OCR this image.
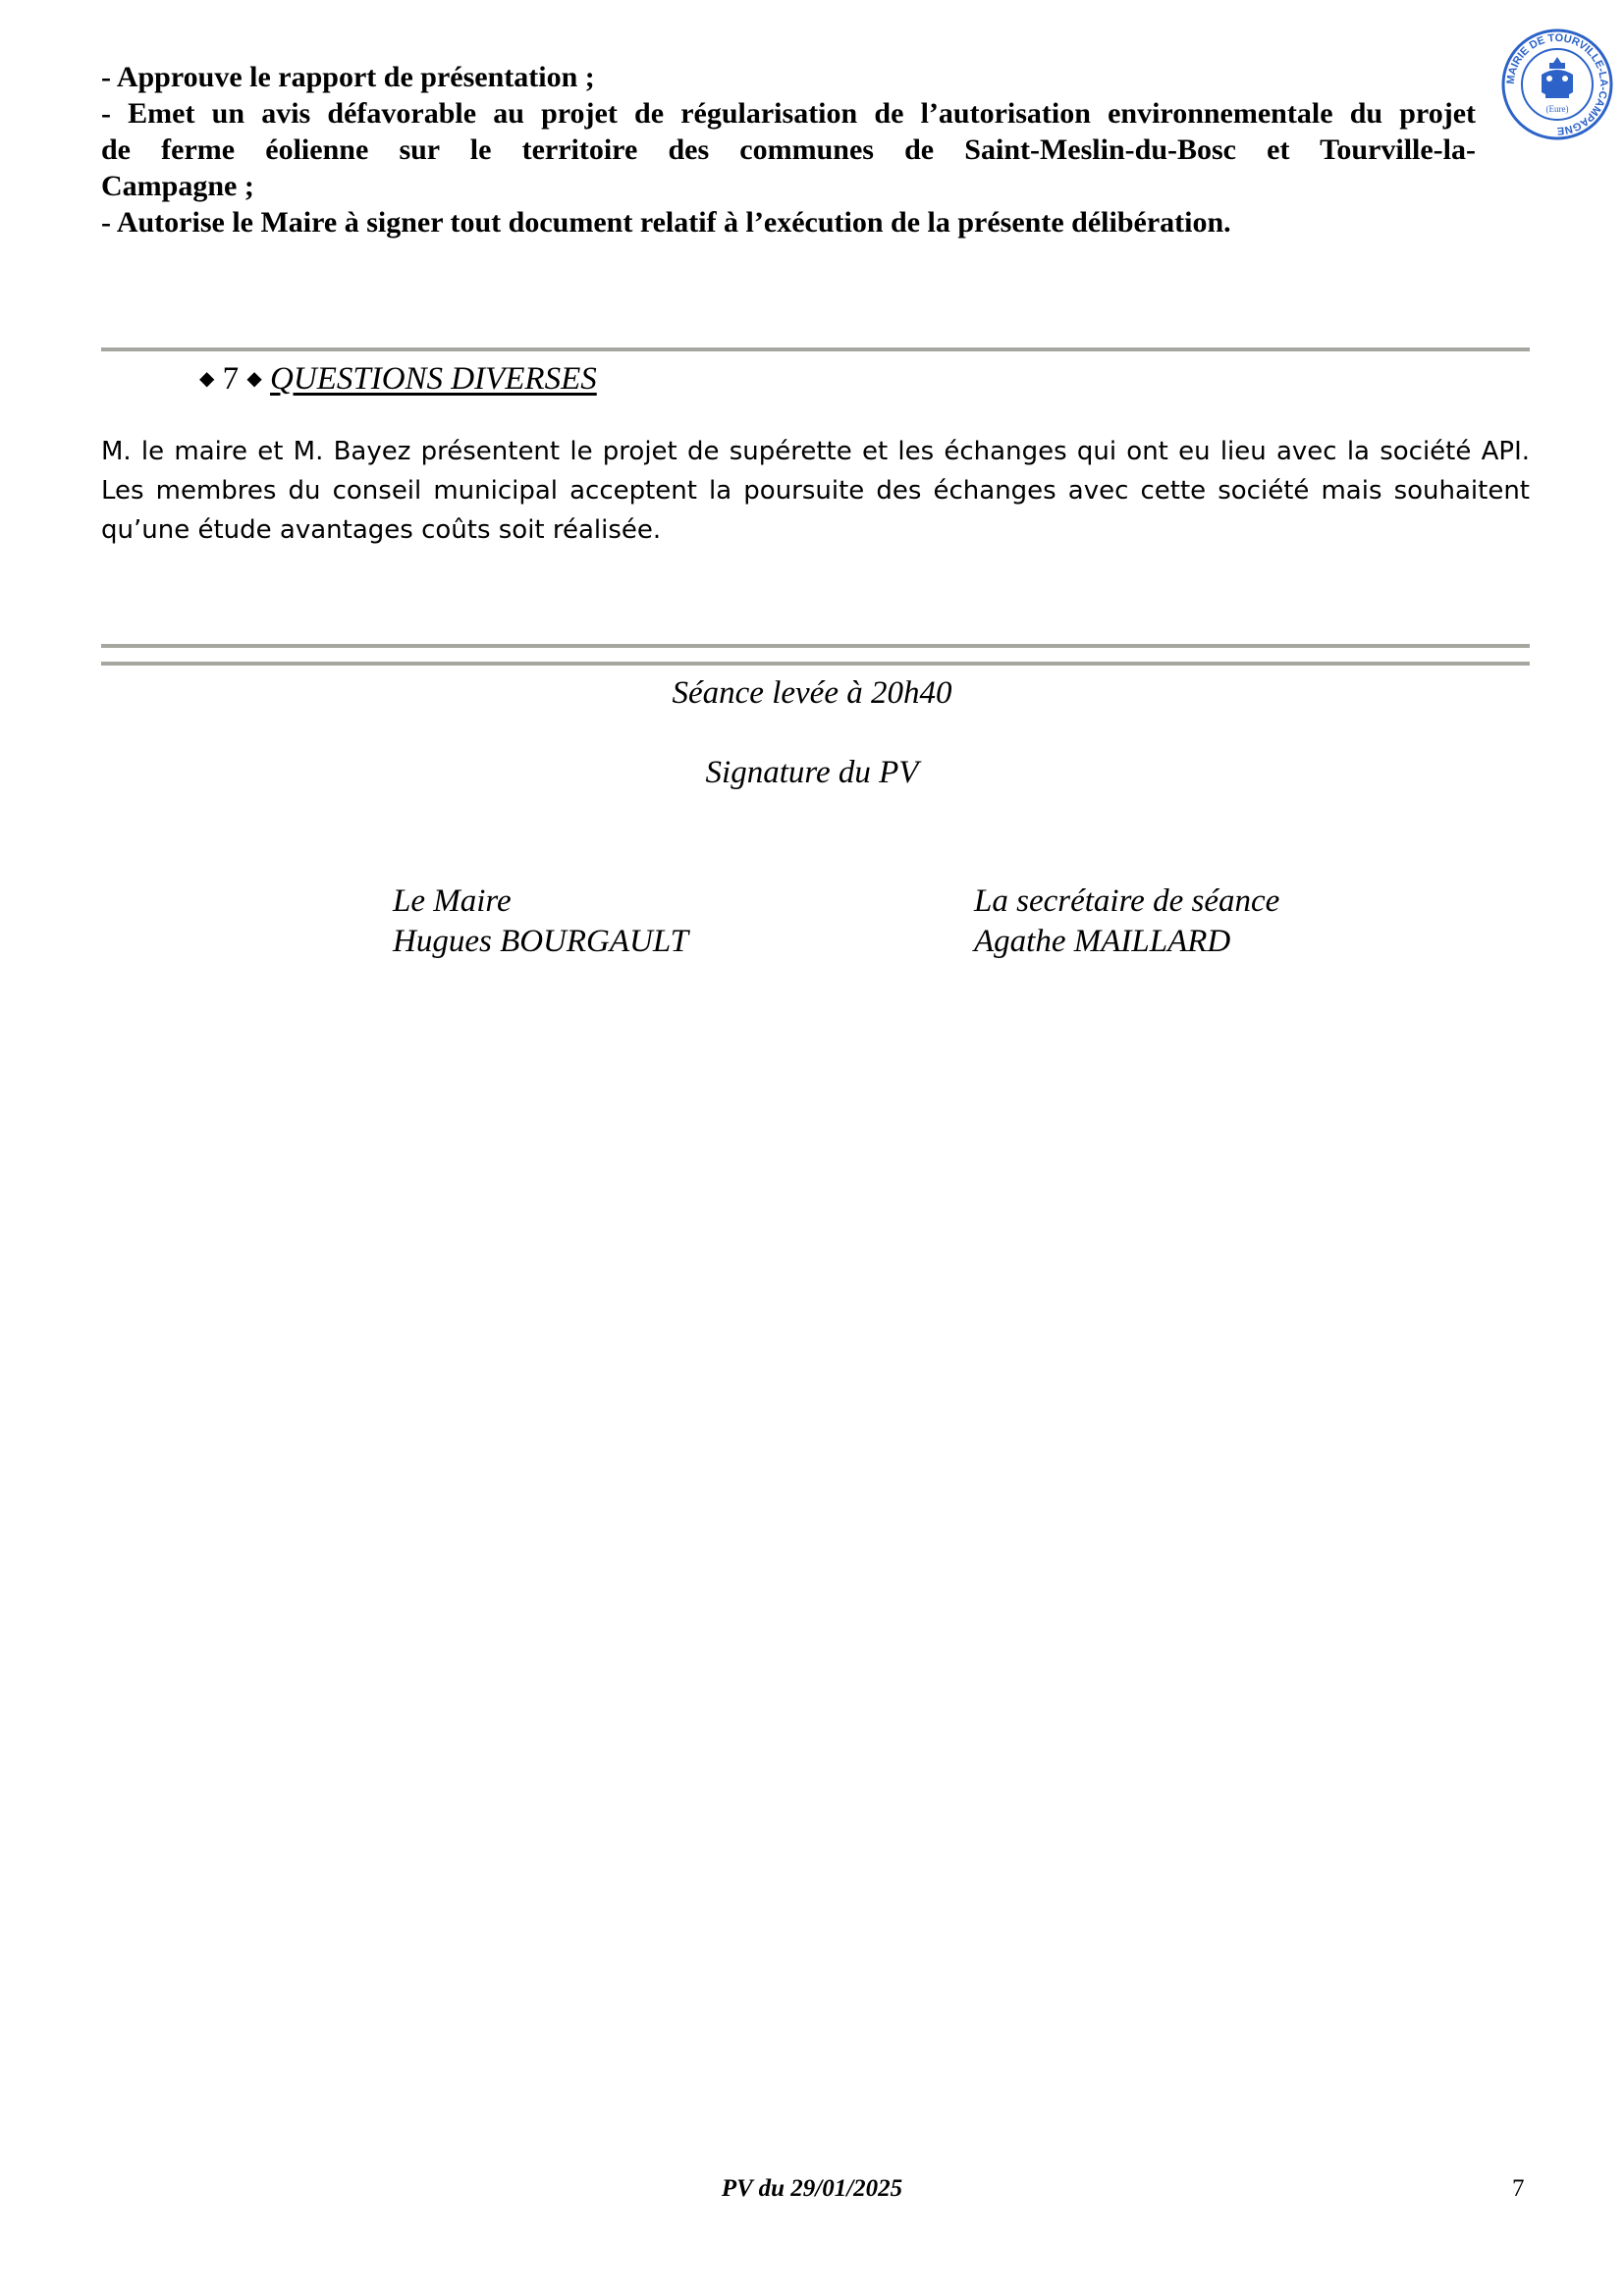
MAIRIE DE TOURVILLE-LA-CAMPAGNE
(Eure)
- Approuve le rapport de présentation ;
- Emet un avis défavorable au projet de régularisation de l’autorisation environnementale du projet
de ferme éolienne sur le territoire des communes de Saint-Meslin-du-Bosc et Tourville-la-
Campagne ;
- Autorise le Maire à signer tout document relatif à l’exécution de la présente délibération.
◆ 7 ◆ QUESTIONS DIVERSES

M. le maire et M. Bayez présentent le projet de supérette et les échanges qui ont eu lieu avec la société API. Les membres du conseil municipal acceptent la poursuite des échanges avec cette société mais souhaitent qu’une étude avantages coûts soit réalisée.

Séance levée à 20h40
Signature du PV
Le Maire
Hugues BOURGAULT
La secrétaire de séance
Agathe MAILLARD
PV du 29/01/2025	7
